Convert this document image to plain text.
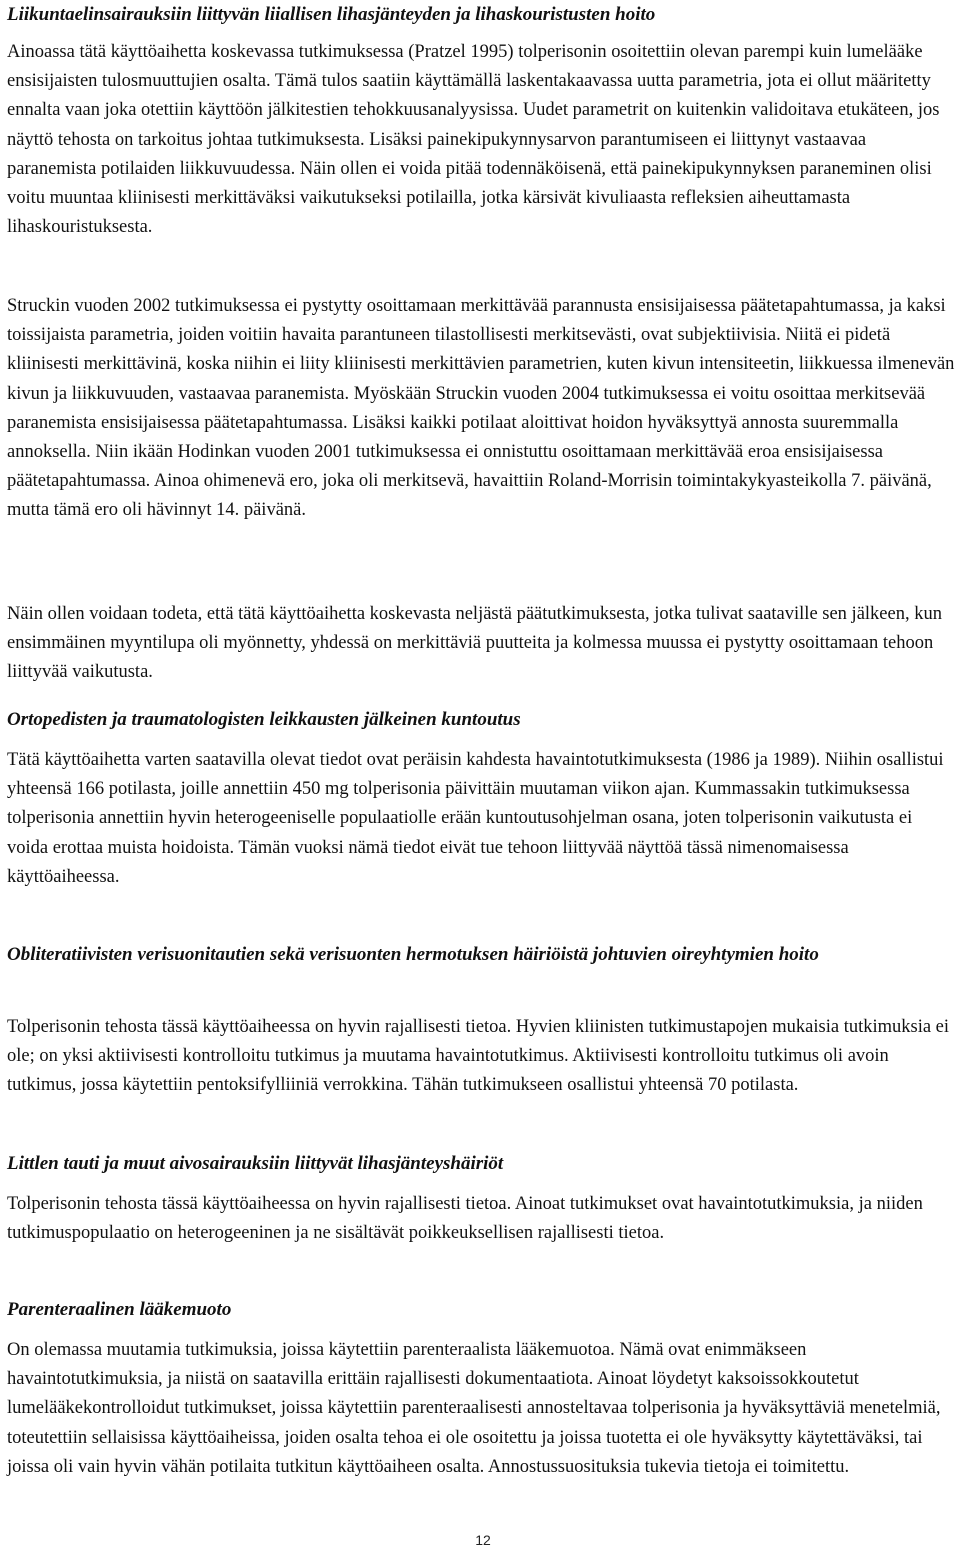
Liikuntaelinsairauksiin liittyvän liiallisen lihasjänteyden ja lihaskouristusten hoito

Ainoassa tätä käyttöaihetta koskevassa tutkimuksessa (Pratzel 1995) tolperisonin osoitettiin olevan parempi kuin lumelääke ensisijaisten tulosmuuttujien osalta. Tämä tulos saatiin käyttämällä laskentakaavassa uutta parametria, jota ei ollut määritetty ennalta vaan joka otettiin käyttöön jälkitestien tehokkuusanalyysissa. Uudet parametrit on kuitenkin validoitava etukäteen, jos näyttö tehosta on tarkoitus johtaa tutkimuksesta. Lisäksi painekipukynnysarvon parantumiseen ei liittynyt vastaavaa paranemista potilaiden liikkuvuudessa. Näin ollen ei voida pitää todennäköisenä, että painekipukynnyksen paraneminen olisi voitu muuntaa kliinisesti merkittäväksi vaikutukseksi potilailla, jotka kärsivät kivuliaasta refleksien aiheuttamasta lihaskouristuksesta.

Struckin vuoden 2002 tutkimuksessa ei pystytty osoittamaan merkittävää parannusta ensisijaisessa päätetapahtumassa, ja kaksi toissijaista parametria, joiden voitiin havaita parantuneen tilastollisesti merkitsevästi, ovat subjektiivisia. Niitä ei pidetä kliinisesti merkittävinä, koska niihin ei liity kliinisesti merkittävien parametrien, kuten kivun intensiteetin, liikkuessa ilmenevän kivun ja liikkuvuuden, vastaavaa paranemista. Myöskään Struckin vuoden 2004 tutkimuksessa ei voitu osoittaa merkitsevää paranemista ensisijaisessa päätetapahtumassa. Lisäksi kaikki potilaat aloittivat hoidon hyväksyttyä annosta suuremmalla annoksella. Niin ikään Hodinkan vuoden 2001 tutkimuksessa ei onnistuttu osoittamaan merkittävää eroa ensisijaisessa päätetapahtumassa. Ainoa ohimenevä ero, joka oli merkitsevä, havaittiin Roland-Morrisin toimintakykyasteikolla 7. päivänä, mutta tämä ero oli hävinnyt 14. päivänä.

Näin ollen voidaan todeta, että tätä käyttöaihetta koskevasta neljästä päätutkimuksesta, jotka tulivat saataville sen jälkeen, kun ensimmäinen myyntilupa oli myönnetty, yhdessä on merkittäviä puutteita ja kolmessa muussa ei pystytty osoittamaan tehoon liittyvää vaikutusta.

Ortopedisten ja traumatologisten leikkausten jälkeinen kuntoutus

Tätä käyttöaihetta varten saatavilla olevat tiedot ovat peräisin kahdesta havaintotutkimuksesta (1986 ja 1989). Niihin osallistui yhteensä 166 potilasta, joille annettiin 450 mg tolperisonia päivittäin muutaman viikon ajan. Kummassakin tutkimuksessa tolperisonia annettiin hyvin heterogeeniselle populaatiolle erään kuntoutusohjelman osana, joten tolperisonin vaikutusta ei voida erottaa muista hoidoista. Tämän vuoksi nämä tiedot eivät tue tehoon liittyvää näyttöä tässä nimenomaisessa käyttöaiheessa.

Obliteratiivisten verisuonitautien sekä verisuonten hermotuksen häiriöistä johtuvien oireyhtymien hoito

Tolperisonin tehosta tässä käyttöaiheessa on hyvin rajallisesti tietoa. Hyvien kliinisten tutkimustapojen mukaisia tutkimuksia ei ole; on yksi aktiivisesti kontrolloitu tutkimus ja muutama havaintotutkimus. Aktiivisesti kontrolloitu tutkimus oli avoin tutkimus, jossa käytettiin pentoksifylliiniä verrokkina. Tähän tutkimukseen osallistui yhteensä 70 potilasta.

Littlen tauti ja muut aivosairauksiin liittyvät lihasjänteyshäiriöt

Tolperisonin tehosta tässä käyttöaiheessa on hyvin rajallisesti tietoa. Ainoat tutkimukset ovat havaintotutkimuksia, ja niiden tutkimuspopulaatio on heterogeeninen ja ne sisältävät poikkeuksellisen rajallisesti tietoa.

Parenteraalinen lääkemuoto

On olemassa muutamia tutkimuksia, joissa käytettiin parenteraalista lääkemuotoa. Nämä ovat enimmäkseen havaintotutkimuksia, ja niistä on saatavilla erittäin rajallisesti dokumentaatiota. Ainoat löydetyt kaksoissokkoutetut lumelääkekontrolloidut tutkimukset, joissa käytettiin parenteraalisesti annosteltavaa tolperisonia ja hyväksyttäviä menetelmiä, toteutettiin sellaisissa käyttöaiheissa, joiden osalta tehoa ei ole osoitettu ja joissa tuotetta ei ole hyväksytty käytettäväksi, tai joissa oli vain hyvin vähän potilaita tutkitun käyttöaiheen osalta. Annostussuosituksia tukevia tietoja ei toimitettu.

12
